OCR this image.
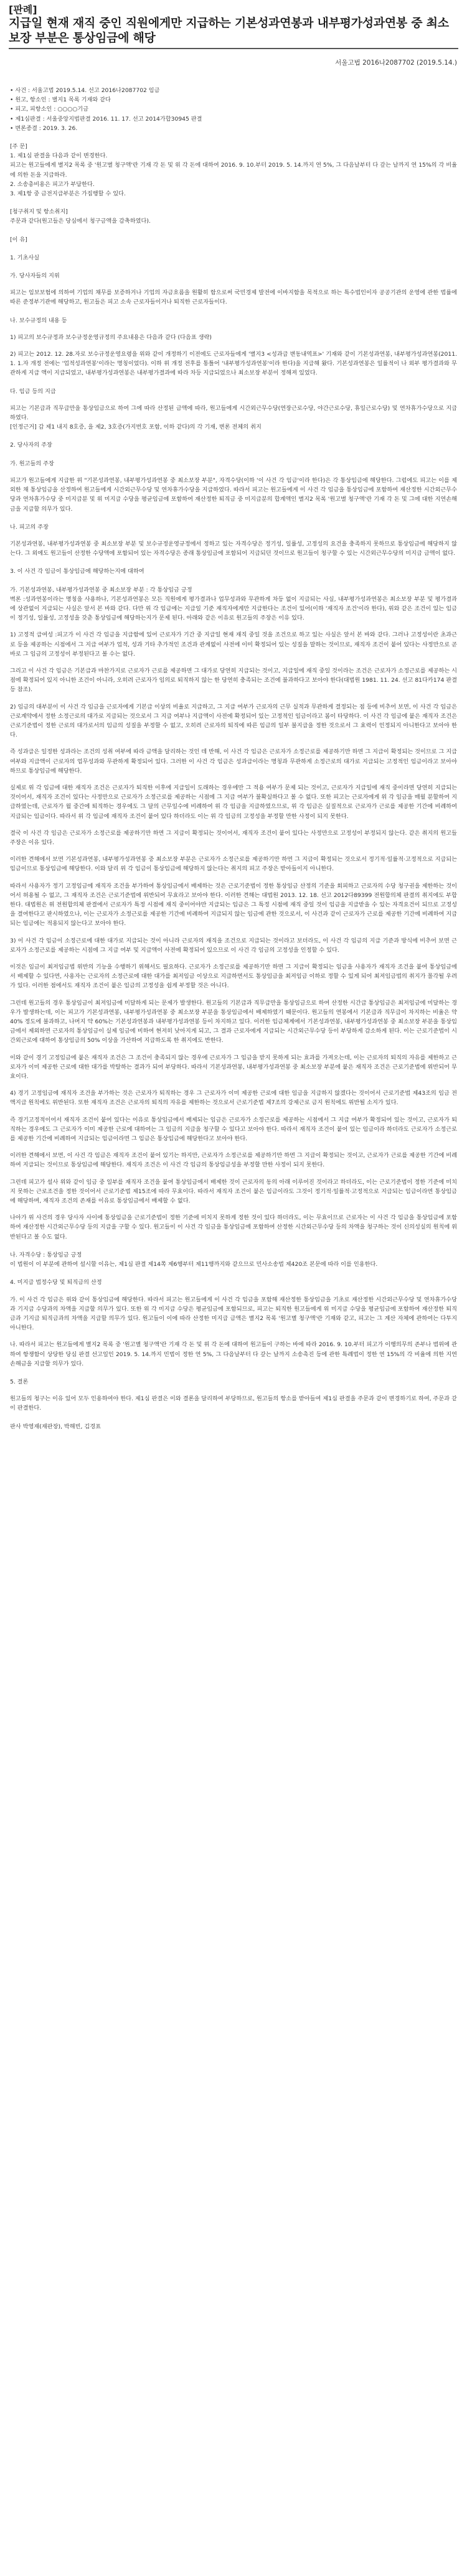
[판례]
지급일 현재 재직 중인 직원에게만 지급하는 기본성과연봉과 내부평가성과연봉 중 최소 보장 부분은 통상임금에 해당
서울고법 2016나2087702 (2019.5.14.)
• 사건 : 서울고법 2019.5.14. 선고 2016나2087702 임금
• 원고, 항소인 : 별지1 목록 기재와 같다
• 피고, 피항소인 : ○○○○기금
• 제1심판결 : 서울중앙지법판결 2016. 11. 17. 선고 2014가합30945 판결
• 변론종결 : 2019. 3. 26.
[주 문]
1. 제1심 판결을 다음과 같이 변경한다.
피고는 원고들에게 별지2 목록 중 '원고별 청구액'란 기재 각 돈 및 위 각 돈에 대하여 2016. 9. 10.부터 2019. 5. 14.까지 연 5%, 그 다음날부터 다 갚는 날까지 연 15%의 각 비율에 의한 돈을 지급하라.
2. 소송총비용은 피고가 부담한다.
3. 제1항 중 금전지급부분은 가집행할 수 있다.
[청구취지 및 항소취지]
주문과 같다(원고들은 당심에서 청구금액을 감축하였다).
[이 유]
1. 기초사실
가. 당사자들의 지위
피고는 임보보험에 의하여 기업의 채무를 보증하거나 기업의 자금흐름을 원활히 함으로써 국민경제 발전에 이바지함을 목적으로 하는 특수법인이자 공공기관의 운영에 관한 법률에 따른 준정부기관에 해당하고, 원고들은 피고 소속 근로자들이거나 퇴직한 근로자들이다.
나. 보수규정의 내용 등
1) 피고의 보수규정과 보수규정운영규정의 주요내용은 다음과 같다 (다음표 생략)
2) 피고는 2012. 12. 28.자로 보수규정운영요령을 위와 같이 개정하기 이전에도 근로자들에게 '별지3 <성과급 변동내역표>' 기재와 같이 기본성과연봉, 내부평가성과연봉(2011. 1. 1.자 개정 전에는 '업적성과연봉'이라는 명칭이었다). 이하 위 개정 전후를 통틀어 '내부평가성과연봉'이라 한다)을 지급해 왔다. 기본성과연봉은 일률적이 나 외부 평가결과와 무관하게 지급 액이 지급되었고, 내부평가성과연봉은 내부평가결과에 따라 차등 지급되었으나 최소보장 부분이 정해져 있었다.
다. 임금 등의 지급
피고는 기본급과 직무급만을 통상임금으로 하여 그에 따라 산정된 금액에 따라, 원고들에게 시간외근무수당(연장근로수당, 야간근로수당, 휴일근로수당) 및 연차휴가수당으로 지급하였다.
[인정근거] 갑 제1 내지 8호증, 을 제2, 3호증(가지번호 포함, 이하 같다)의 각 기재, 변론 전체의 취지
2. 당사자의 주장
가. 원고들의 주장
피고가 원고들에게 지급한 위 "기본성과연봉, 내부평가성과연봉 중 최소보장 부분", 자격수당(이하 '이 사건 각 임금'이라 한다)은 각 통상임금에 해당한다. 그럼에도 피고는 이를 제외한 채 통상임금을 산정하여 원고들에게 시간외근무수당 및 연차휴가수당을 지급하였다. 따라서 피고는 원고들에게 이 사건 각 임금을 통상임금에 포함하여 재산정한 시간외근무수당과 연차휴가수당 중 미지급분 및 위 미지급 수당을 평균임금에 포함하여 재산정한 퇴직금 중 미지급분의 합계액인 별지2 목록 '원고별 청구액'란 기재 각 돈 및 그에 대한 지연손해금을 지급할 의무가 있다.
나. 피고의 주장
기본성과연봉, 내부평가성과연봉 중 최소보장 부분 및 보수규정운영규정에서 정하고 있는 자격수당은 정기성, 일률성, 고정성의 요건을 충족하지 못하므로 통상임금에 해당하지 않는다. 그 외에도 원고들이 산정한 수당액에 포함되어 있는 자격수당은 종래 통상임금에 포함되어 지급되던 것이므로 원고들이 청구할 수 있는 시간외근무수당의 미지급 금액이 없다.
3. 이 사건 각 임금이 통상임금에 해당하는지에 대하여
가. 기본성과연봉, 내부평가성과연봉 중 최소보장 부분 : 각 통상임금 긍정
벽론 :성과연봉이라는 명칭을 사용하나, 기본성과연봉은 모든 직원에게 평가결과나 업무성과와 무관하게 차등 없이 지급되는 사실, 내부평가성과연봉은 최소보장 부분 및 평가결과에 상관없이 지급되는 사실은 앞서 본 바와 같다. 다만 위 각 임금에는 지급일 기준 재직자에게만 지급한다는 조건이 있어(이하 '재직자 조건'이라 한다), 위와 같은 조건이 있는 임금이 정기성, 일률성, 고정성을 갖춘 통상임금에 해당하는지가 문제 된다. 아래와 같은 이유로 원고들의 주장은 이유 있다.
1) 고정적 급여성 :피고가 이 사건 각 임금을 지급함에 있어 근로자가 기간 중 지급일 현재 재직 중일 것을 조건으로 하고 있는 사실은 앞서 본 바와 같다. 그러나 고정성이란 초과근로 등을 제공하는 시점에서 그 지급 여부가 업적, 성과 기타 추가적인 조건과 관계없이 사전에 이미 확정되어 있는 성질을 말하는 것이므로, 재직자 조건이 붙어 있다는 사정만으로 곧바로 그 임금의 고정성이 부정된다고 볼 수는 없다.
그리고 이 사건 각 임금은 기본급과 마찬가지로 근로자가 근로를 제공하면 그 대가로 당연히 지급되는 것이고, 지급일에 재직 중일 것이라는 조건은 근로자가 소정근로를 제공하는 시점에 확정되어 있지 아니한 조건이 아니라, 오히려 근로자가 임의로 퇴직하지 않는 한 당연히 충족되는 조건에 불과하다고 보아야 한다(대법원 1981. 11. 24. 선고 81다카174 판결 등 참조).
2) 임금의 대부분이 이 사건 각 임금을 근로자에게 기본급 이상의 비율로 지급하고, 그 지급 여부가 근로자의 근무 실적과 무관하게 결정되는 점 등에 비추어 보면, 이 사건 각 임금은 근로계약에서 정한 소정근로의 대가로 지급되는 것으로서 그 지급 여부나 지급액이 사전에 확정되어 있는 고정적인 임금이라고 봄이 타당하다. 이 사건 각 임금에 붙은 재직자 조건은 근로기준법이 정한 근로의 대가로서의 임금의 성질을 부정할 수 없고, 오히려 근로자의 퇴직에 따른 임금의 일부 불지급을 정한 것으로서 그 효력이 인정되지 아니한다고 보아야 한다.
즉 성과급은 일정한 성과라는 조건의 성취 여부에 따라 금액을 달리하는 것인 데 반해, 이 사건 각 임금은 근로자가 소정근로를 제공하기만 하면 그 지급이 확정되는 것이므로 그 지급 여부와 지급액이 근로자의 업무성과와 무관하게 확정되어 있다. 그러한 이 사건 각 임금은 성과급이라는 명칭과 무관하게 소정근로의 대가로 지급되는 고정적인 임금이라고 보아야 하므로 통상임금에 해당한다.
실제로 위 각 임금에 대한 재직자 조건은 근로자가 퇴직한 이후에 지급일이 도래하는 경우에만 그 적용 여부가 문제 되는 것이고, 근로자가 지급일에 재직 중이라면 당연히 지급되는 것이어서, 재직자 조건이 있다는 사정만으로 근로자가 소정근로를 제공하는 시점에 그 지급 여부가 불확실하다고 볼 수 없다. 또한 피고는 근로자에게 위 각 임금을 매월 분할하여 지급하였는데, 근로자가 월 중간에 퇴직하는 경우에도 그 달의 근무일수에 비례하여 위 각 임금을 지급하였으므로, 위 각 임금은 실질적으로 근로자가 근로를 제공한 기간에 비례하여 지급되는 임금이다. 따라서 위 각 임금에 재직자 조건이 붙어 있다 하더라도 이는 위 각 임금의 고정성을 부정할 만한 사정이 되지 못한다.
결국 이 사건 각 임금은 근로자가 소정근로를 제공하기만 하면 그 지급이 확정되는 것이어서, 재직자 조건이 붙어 있다는 사정만으로 고정성이 부정되지 않는다. 같은 취지의 원고들 주장은 이유 있다.
이러한 견해에서 보면 기본성과연봉, 내부평가성과연봉 중 최소보장 부분은 근로자가 소정근로를 제공하기만 하면 그 지급이 확정되는 것으로서 정기적·일률적·고정적으로 지급되는 임금이므로 통상임금에 해당한다. 이와 달리 위 각 임금이 통상임금에 해당하지 않는다는 취지의 피고 주장은 받아들이지 아니한다.
따라서 사용자가 정기 고정임금에 재직자 조건을 부가하여 통상임금에서 배제하는 것은 근로기준법이 정한 통상임금 산정의 기준을 회피하고 근로자의 수당 청구권을 제한하는 것이어서 허용될 수 없고, 그 재직자 조건은 근로기준법에 위반되어 무효라고 보아야 한다. 이러한 견해는 대법원 2013. 12. 18. 선고 2012다89399 전원합의체 판결의 취지에도 부합한다. 대법원은 위 전원합의체 판결에서 근로자가 특정 시점에 재직 중이어야만 지급되는 임금은 그 특정 시점에 재직 중일 것이 임금을 지급받을 수 있는 자격요건이 되므로 고정성을 결여한다고 판시하였으나, 이는 근로자가 소정근로를 제공한 기간에 비례하여 지급되지 않는 임금에 관한 것으로서, 이 사건과 같이 근로자가 근로를 제공한 기간에 비례하여 지급되는 임금에는 적용되지 않는다고 보아야 한다.
3) 이 사건 각 임금이 소정근로에 대한 대가로 지급되는 것이 아니라 근로자의 재직을 조건으로 지급되는 것이라고 보더라도, 이 사건 각 임금의 지급 기준과 방식에 비추어 보면 근로자가 소정근로를 제공하는 시점에 그 지급 여부 및 지급액이 사전에 확정되어 있으므로 이 사건 각 임금의 고정성을 인정할 수 있다.
이것은 임금이 최저임금법 위반의 기능을 수행하기 위해서도 필요하다. 근로자가 소정근로를 제공하기만 하면 그 지급이 확정되는 임금을 사용자가 재직자 조건을 붙여 통상임금에서 배제할 수 있다면, 사용자는 근로자의 소정근로에 대한 대가를 최저임금 이상으로 지급하면서도 통상임금을 최저임금 이하로 정할 수 있게 되어 최저임금법의 취지가 몰각될 우려가 있다. 이러한 점에서도 재직자 조건이 붙은 임금의 고정성을 쉽게 부정할 것은 아니다.
그런데 원고들의 경우 통상임금이 최저임금에 미달하게 되는 문제가 발생한다. 원고들의 기본급과 직무급만을 통상임금으로 하여 산정한 시간급 통상임금은 최저임금에 미달하는 경우가 발생하는데, 이는 피고가 기본성과연봉, 내부평가성과연봉 중 최소보장 부분을 통상임금에서 배제하였기 때문이다. 원고들의 연봉에서 기본급과 직무급이 차지하는 비율은 약 40% 정도에 불과하고, 나머지 약 60%는 기본성과연봉과 내부평가성과연봉 등이 차지하고 있다. 이러한 임금체계에서 기본성과연봉, 내부평가성과연봉 중 최소보장 부분을 통상임금에서 제외하면 근로자의 통상임금이 실제 임금에 비하여 현저히 낮아지게 되고, 그 결과 근로자에게 지급되는 시간외근무수당 등이 부당하게 감소하게 된다. 이는 근로기준법이 시간외근로에 대하여 통상임금의 50% 이상을 가산하여 지급하도록 한 취지에도 반한다.
이와 같이 경기 고정임금에 붙은 재직자 조건은 그 조건이 충족되지 않는 경우에 근로자가 그 임금을 받지 못하게 되는 효과를 가져오는데, 이는 근로자의 퇴직의 자유를 제한하고 근로자가 이미 제공한 근로에 대한 대가를 박탈하는 결과가 되어 부당하다. 따라서 기본성과연봉, 내부평가성과연봉 중 최소보장 부분에 붙은 재직자 조건은 근로기준법에 위반되어 무효이다.
4) 경기 고정임금에 재직자 조건을 부가하는 것은 근로자가 퇴직하는 경우 그 근로자가 이미 제공한 근로에 대한 임금을 지급하지 않겠다는 것이어서 근로기준법 제43조의 임금 전액지급 원칙에도 위반된다. 또한 재직자 조건은 근로자의 퇴직의 자유를 제한하는 것으로서 근로기준법 제7조의 강제근로 금지 원칙에도 위반될 소지가 있다.
즉 경기고정적이어서 재직자 조건이 붙어 있다는 이유로 통상임금에서 배제되는 임금은 근로자가 소정근로를 제공하는 시점에서 그 지급 여부가 확정되어 있는 것이고, 근로자가 퇴직하는 경우에도 그 근로자가 이미 제공한 근로에 대하여는 그 임금의 지급을 청구할 수 있다고 보아야 한다. 따라서 재직자 조건이 붙어 있는 임금이라 하더라도 근로자가 소정근로를 제공한 기간에 비례하여 지급되는 임금이라면 그 임금은 통상임금에 해당한다고 보아야 한다.
이러한 견해에서 보면, 이 사건 각 임금은 재직자 조건이 붙어 있기는 하지만, 근로자가 소정근로를 제공하기만 하면 그 지급이 확정되는 것이고, 근로자가 근로를 제공한 기간에 비례하여 지급되는 것이므로 통상임금에 해당한다. 재직자 조건은 이 사건 각 임금의 통상임금성을 부정할 만한 사정이 되지 못한다.
그런데 피고가 설사 위와 같이 임금 중 일부를 재직자 조건을 붙여 통상임금에서 배제한 것이 근로자의 동의 아래 이루어진 것이라고 하더라도, 이는 근로기준법이 정한 기준에 미치지 못하는 근로조건을 정한 것이어서 근로기준법 제15조에 따라 무효이다. 따라서 재직자 조건이 붙은 임금이라도 그것이 정기적·일률적·고정적으로 지급되는 임금이라면 통상임금에 해당하며, 재직자 조건의 존재를 이유로 통상임금에서 배제할 수 없다.
나아가 위 사건의 경우 당사자 사이에 통상임금을 근로기준법이 정한 기준에 미치지 못하게 정한 것이 있다 하더라도, 이는 무효이므로 근로자는 이 사건 각 임금을 통상임금에 포함하여 재산정한 시간외근무수당 등의 지급을 구할 수 있다. 원고들이 이 사건 각 임금을 통상임금에 포함하여 산정한 시간외근무수당 등의 차액을 청구하는 것이 신의성실의 원칙에 위반된다고 볼 수도 없다.
나. 자격수당 : 통상임금 긍정
이 법원이 이 부분에 관하여 설시할 이유는, 제1심 판결 제14쪽 제6행부터 제11행까지와 같으므로 민사소송법 제420조 본문에 따라 이를 인용한다.
4. 미지급 법정수당 및 퇴직금의 산정
가. 이 사건 각 임금은 위와 같이 통상임금에 해당한다. 따라서 피고는 원고들에게 이 사건 각 임금을 포함해 재산정한 통상임금을 기초로 재산정한 시간외근무수당 및 연차휴가수당과 기지급 수당과의 차액을 지급할 의무가 있다. 또한 위 각 미지급 수당은 평균임금에 포함되므로, 피고는 퇴직한 원고들에게 위 미지급 수당을 평균임금에 포함하여 재산정한 퇴직금과 기지급 퇴직금과의 차액을 지급할 의무가 있다. 원고들이 이에 따라 산정한 미지급 금액은 별지2 목록 '원고별 청구액'란 기재와 같고, 피고는 그 계산 자체에 관하여는 다투지 아니한다.
나. 따라서 피고는 원고들에게 별지2 목록 중 '원고별 청구액'란 기재 각 돈 및 위 각 돈에 대하여 원고들이 구하는 바에 따라 2016. 9. 10.부터 피고가 이행의무의 존부나 범위에 관하여 항쟁함이 상당한 당심 판결 선고일인 2019. 5. 14.까지 민법이 정한 연 5%, 그 다음날부터 다 갚는 날까지 소송촉진 등에 관한 특례법이 정한 연 15%의 각 비율에 의한 지연손해금을 지급할 의무가 있다.
5. 결론
원고들의 청구는 이유 있어 모두 인용하여야 한다. 제1심 판결은 이와 결론을 달리하여 부당하므로, 원고들의 항소를 받아들여 제1심 판결을 주문과 같이 변경하기로 하여, 주문과 같이 판결한다.
판사 박영재(재판장), 박해빈, 김경표
